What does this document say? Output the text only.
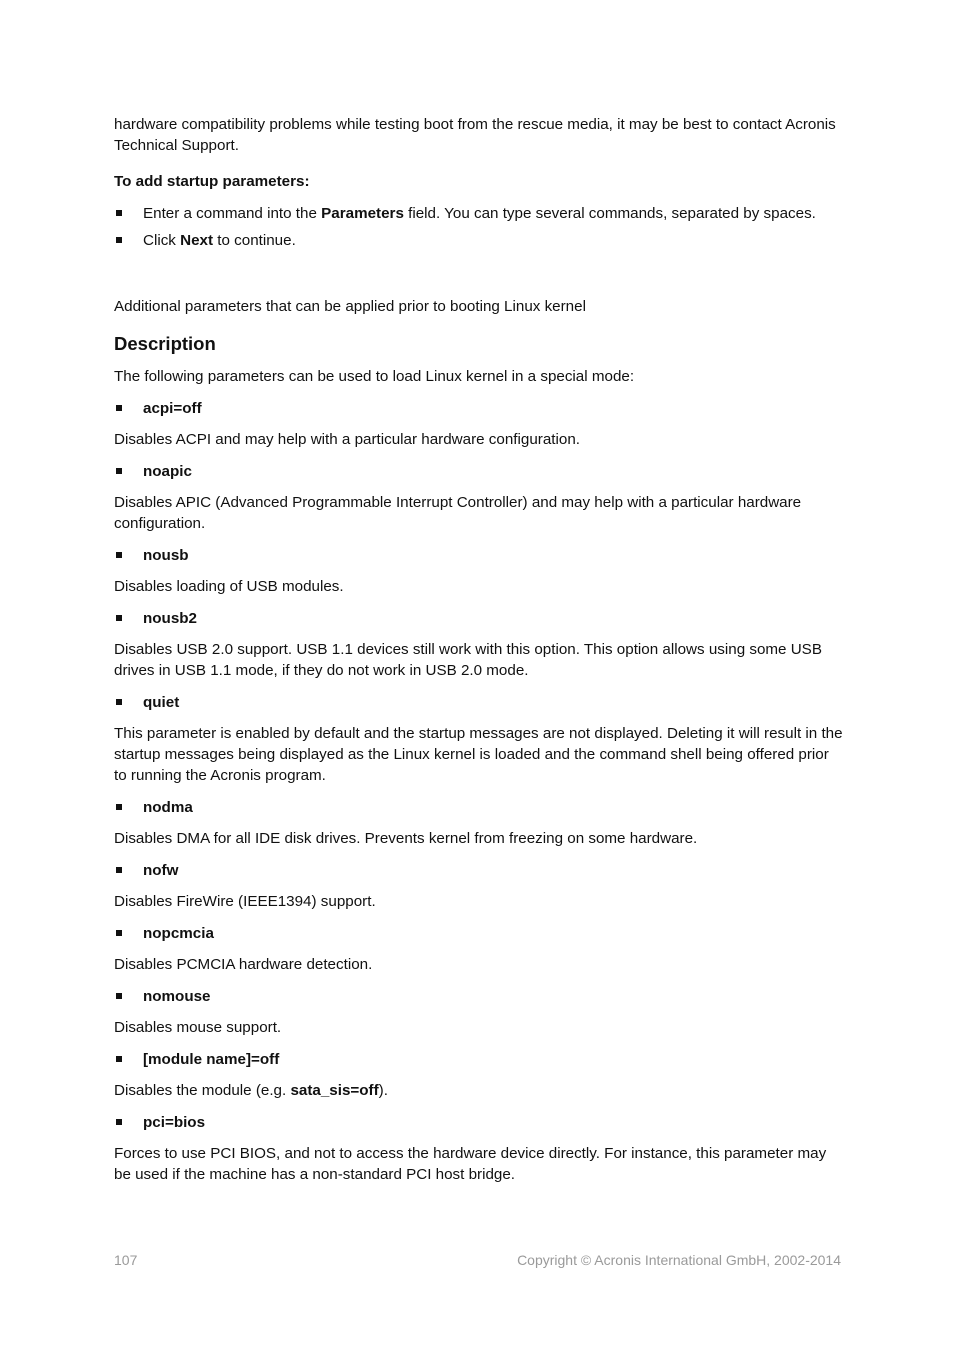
hardware compatibility problems while testing boot from the rescue media, it may be best to contact Acronis Technical Support.

To add startup parameters:

Enter a command into the Parameters field. You can type several commands, separated by spaces.
Click Next to continue.

Additional parameters that can be applied prior to booting Linux kernel

Description

The following parameters can be used to load Linux kernel in a special mode:

acpi=off

Disables ACPI and may help with a particular hardware configuration.

noapic

Disables APIC (Advanced Programmable Interrupt Controller) and may help with a particular hardware configuration.

nousb

Disables loading of USB modules.

nousb2

Disables USB 2.0 support. USB 1.1 devices still work with this option. This option allows using some USB drives in USB 1.1 mode, if they do not work in USB 2.0 mode.

quiet

This parameter is enabled by default and the startup messages are not displayed. Deleting it will result in the startup messages being displayed as the Linux kernel is loaded and the command shell being offered prior to running the Acronis program.

nodma

Disables DMA for all IDE disk drives. Prevents kernel from freezing on some hardware.

nofw

Disables FireWire (IEEE1394) support.

nopcmcia

Disables PCMCIA hardware detection.

nomouse

Disables mouse support.

[module name]=off

Disables the module (e.g. sata_sis=off).

pci=bios

Forces to use PCI BIOS, and not to access the hardware device directly. For instance, this parameter may be used if the machine has a non-standard PCI host bridge.

107	Copyright © Acronis International GmbH, 2002-2014
